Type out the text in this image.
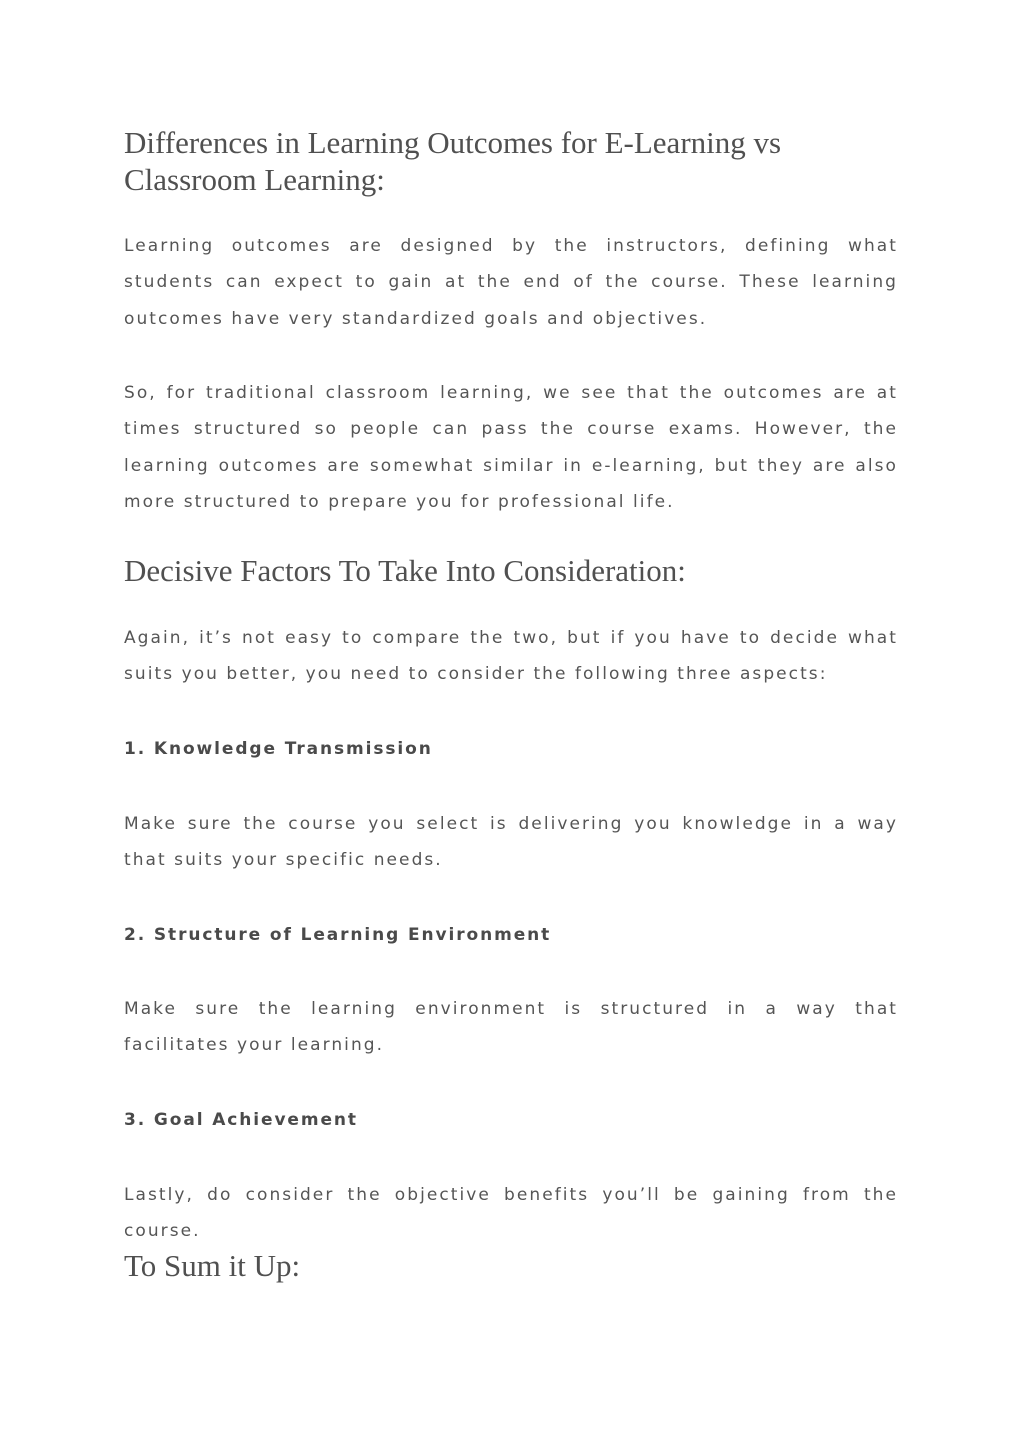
Differences in Learning Outcomes for E-Learning vs Classroom Learning:

Learning outcomes are designed by the instructors, defining what students can expect to gain at the end of the course. These learning outcomes have very standardized goals and objectives.

So, for traditional classroom learning, we see that the outcomes are at times structured so people can pass the course exams. However, the learning outcomes are somewhat similar in e-learning, but they are also more structured to prepare you for professional life.

Decisive Factors To Take Into Consideration:

Again, it’s not easy to compare the two, but if you have to decide what suits you better, you need to consider the following three aspects:

1. Knowledge Transmission

Make sure the course you select is delivering you knowledge in a way that suits your specific needs.

2. Structure of Learning Environment

Make sure the learning environment is structured in a way that facilitates your learning.

3. Goal Achievement

Lastly, do consider the objective benefits you’ll be gaining from the course.

To Sum it Up:
